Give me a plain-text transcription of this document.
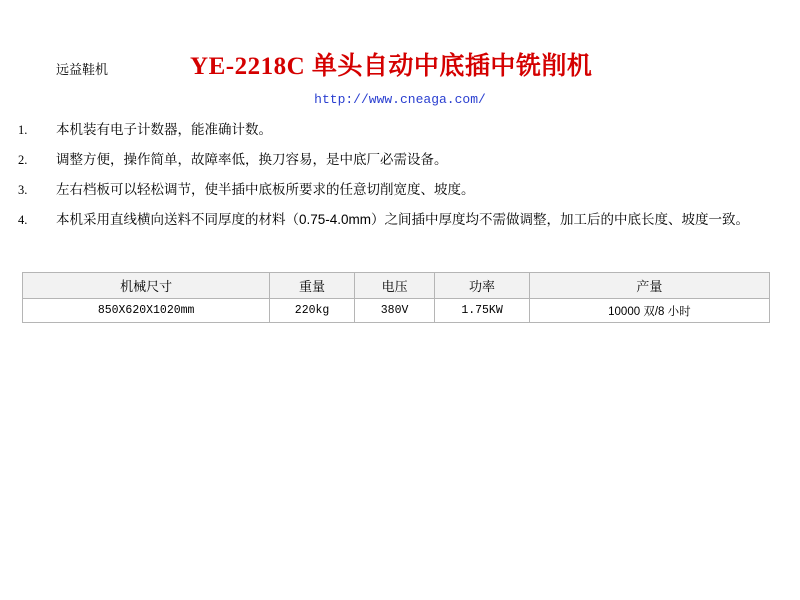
远益鞋机	YE-2218C 单头自动中底插中铣削机
http://www.cneaga.com/
1.	本机装有电子计数器，能准确计数。
2.	调整方便，操作简单，故障率低，换刀容易，是中底厂必需设备。
3.	左右档板可以轻松调节，使半插中底板所要求的任意切削宽度、坡度。
4.	本机采用直线横向送料不同厚度的材料（0.75-4.0mm）之间插中厚度均不需做调整，加工后的中底长度、坡度一致。
机械尺寸	重量	电压	功率	产量
850X620X1020mm	220kg	380V	1.75KW	10000 双/8 小时
